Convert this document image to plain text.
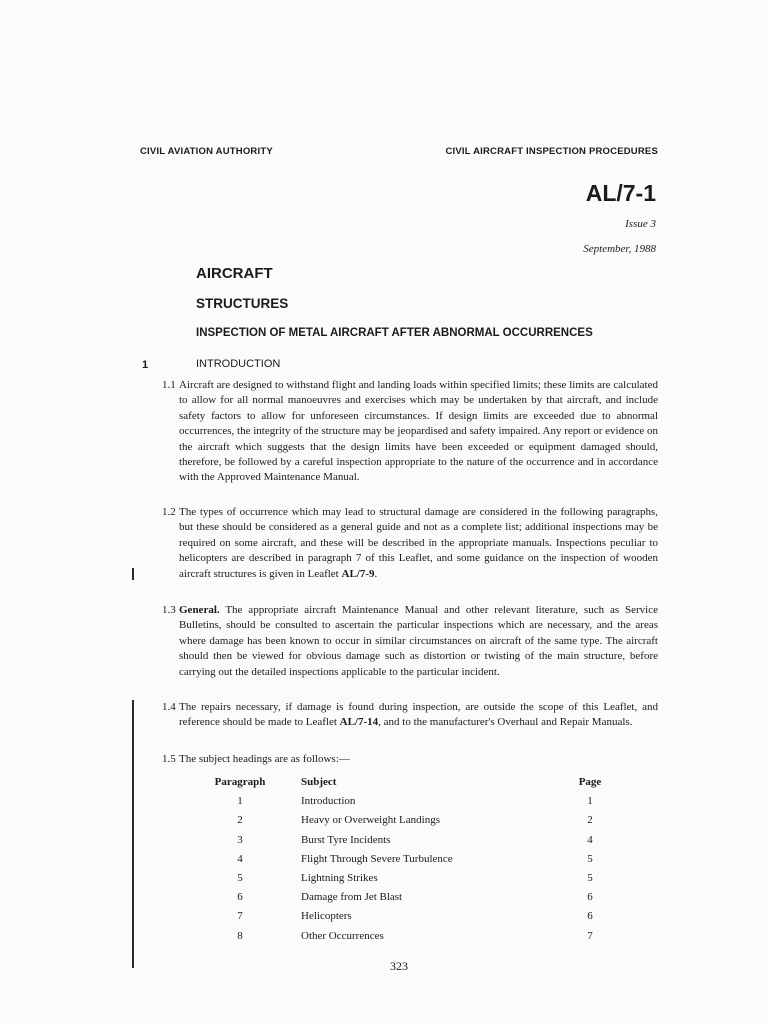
CIVIL AVIATION AUTHORITY	CIVIL AIRCRAFT INSPECTION PROCEDURES
AL/7-1
Issue 3
September, 1988
AIRCRAFT
STRUCTURES
INSPECTION OF METAL AIRCRAFT AFTER ABNORMAL OCCURRENCES
1	INTRODUCTION
1.1 Aircraft are designed to withstand flight and landing loads within specified limits; these limits are calculated to allow for all normal manoeuvres and exercises which may be undertaken by that aircraft, and include safety factors to allow for unforeseen circumstances. If design limits are exceeded due to abnormal occurrences, the integrity of the structure may be jeopardised and safety impaired. Any report or evidence on the aircraft which suggests that the design limits have been exceeded or equipment damaged should, therefore, be followed by a careful inspection appropriate to the nature of the occurrence and in accordance with the Approved Maintenance Manual.
1.2 The types of occurrence which may lead to structural damage are considered in the following paragraphs, but these should be considered as a general guide and not as a complete list; additional inspections may be required on some aircraft, and these will be described in the appropriate manuals. Inspections peculiar to helicopters are described in paragraph 7 of this Leaflet, and some guidance on the inspection of wooden aircraft structures is given in Leaflet AL/7-9.
1.3 General. The appropriate aircraft Maintenance Manual and other relevant literature, such as Service Bulletins, should be consulted to ascertain the particular inspections which are necessary, and the areas where damage has been known to occur in similar circumstances on aircraft of the same type. The aircraft should then be viewed for obvious damage such as distortion or twisting of the main structure, before carrying out the detailed inspections applicable to the particular incident.
1.4 The repairs necessary, if damage is found during inspection, are outside the scope of this Leaflet, and reference should be made to Leaflet AL/7-14, and to the manufacturer's Overhaul and Repair Manuals.
1.5 The subject headings are as follows:—
Paragraph	Subject	Page
1	Introduction	1
2	Heavy or Overweight Landings	2
3	Burst Tyre Incidents	4
4	Flight Through Severe Turbulence	5
5	Lightning Strikes	5
6	Damage from Jet Blast	6
7	Helicopters	6
8	Other Occurrences	7
323
